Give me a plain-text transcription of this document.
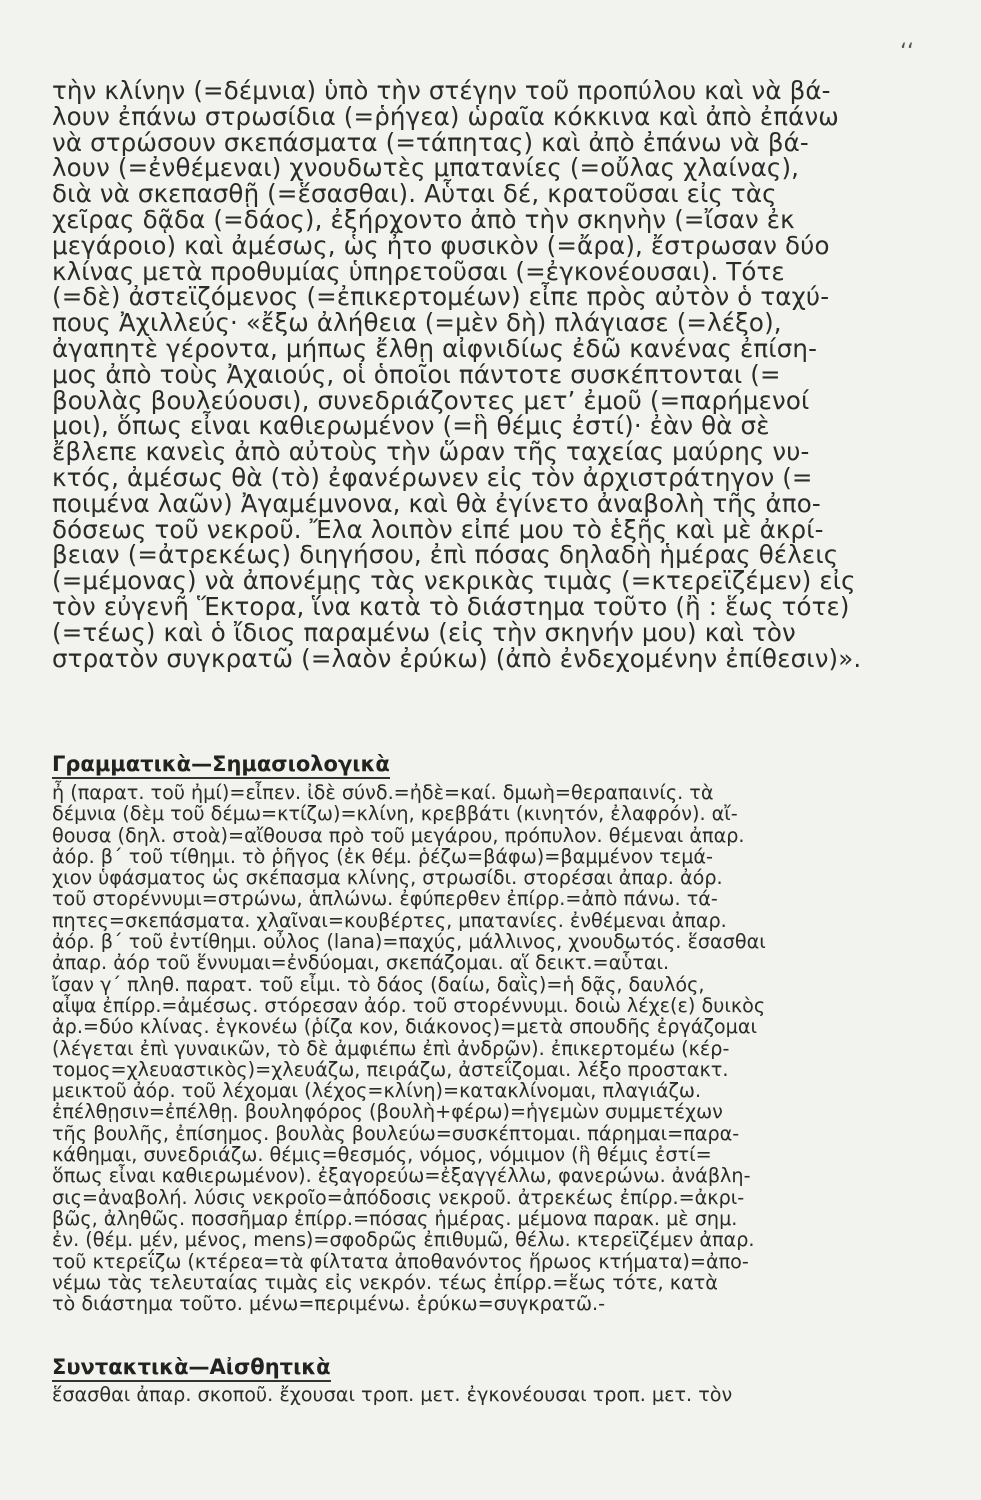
‘‘
τὴν κλίνην (=δέμνια) ὑπὸ τὴν στέγην τοῦ προπύλου καὶ νὰ βά-
λουν ἐπάνω στρωσίδια (=ῥήγεα) ὡραῖα κόκκινα καὶ ἀπὸ ἐπάνω
νὰ στρώσουν σκεπάσματα (=τάπητας) καὶ ἀπὸ ἐπάνω νὰ βά-
λουν (=ἐνθέμεναι) χνουδωτὲς μπατανίες (=οὔλας χλαίνας),
διὰ νὰ σκεπασθῇ (=ἕσασθαι). Αὗται δέ, κρατοῦσαι εἰς τὰς
χεῖρας δᾷδα (=δάος), ἐξήρχοντο ἀπὸ τὴν σκηνὴν (=ἴσαν ἐκ
μεγάροιο) καὶ ἀμέσως, ὡς ἦτο φυσικὸν (=ἄρα), ἔστρωσαν δύο
κλίνας μετὰ προθυμίας ὑπηρετοῦσαι (=ἐγκονέουσαι). Τότε
(=δὲ) ἀστεϊζόμενος (=ἐπικερτομέων) εἶπε πρὸς αὐτὸν ὁ ταχύ-
πους Ἀχιλλεύς· «ἔξω ἀλήθεια (=μὲν δὴ) πλάγιασε (=λέξο),
ἀγαπητὲ γέροντα, μήπως ἔλθῃ αἰφνιδίως ἐδῶ κανένας ἐπίση-
μος ἀπὸ τοὺς Ἀχαιούς, οἱ ὁποῖοι πάντοτε συσκέπτονται (=
βουλὰς βουλεύουσι), συνεδριάζοντες μετ’ ἐμοῦ (=παρήμενοί
μοι), ὅπως εἶναι καθιερωμένον (=ἣ θέμις ἐστί)· ἐὰν θὰ σὲ
ἔβλεπε κανεὶς ἀπὸ αὐτοὺς τὴν ὥραν τῆς ταχείας μαύρης νυ-
κτός, ἀμέσως θὰ (τὸ) ἐφανέρωνεν εἰς τὸν ἀρχιστράτηγον (=
ποιμένα λαῶν) Ἀγαμέμνονα, καὶ θὰ ἐγίνετο ἀναβολὴ τῆς ἀπο-
δόσεως τοῦ νεκροῦ. Ἔλα λοιπὸν εἰπέ μου τὸ ἑξῆς καὶ μὲ ἀκρί-
βειαν (=ἀτρεκέως) διηγήσου, ἐπὶ πόσας δηλαδὴ ἡμέρας θέλεις
(=μέμονας) νὰ ἀπονέμῃς τὰς νεκρικὰς τιμὰς (=κτερεϊζέμεν) εἰς
τὸν εὐγενῆ Ἕκτορα, ἵνα κατὰ τὸ διάστημα τοῦτο (ἢ : ἕως τότε)
(=τέως) καὶ ὁ ἴδιος παραμένω (εἰς τὴν σκηνήν μου) καὶ τὸν
στρατὸν συγκρατῶ (=λαὸν ἐρύκω) (ἀπὸ ἐνδεχομένην ἐπίθεσιν)».
Γραμματικὰ—Σημασιολογικὰ
ἦ (παρατ. τοῦ ἠμί)=εἶπεν. ἰδὲ σύνδ.=ἠδὲ=καί. δμωὴ=θεραπαινίς. τὰ
δέμνια (δὲμ τοῦ δέμω=κτίζω)=κλίνη, κρεββάτι (κινητόν, ἐλαφρόν). αἴ-
θουσα (δηλ. στοὰ)=αἴθουσα πρὸ τοῦ μεγάρου, πρόπυλον. θέμεναι ἀπαρ.
ἀόρ. β΄ τοῦ τίθημι. τὸ ῥῆγος (ἐκ θέμ. ῥέζω=βάφω)=βαμμένον τεμά-
χιον ὑφάσματος ὡς σκέπασμα κλίνης, στρωσίδι. στορέσαι ἀπαρ. ἀόρ.
τοῦ στορέννυμι=στρώνω, ἁπλώνω. ἐφύπερθεν ἐπίρρ.=ἀπὸ πάνω. τά-
πητες=σκεπάσματα. χλαῖναι=κουβέρτες, μπατανίες. ἐνθέμεναι ἀπαρ.
ἀόρ. β΄ τοῦ ἐντίθημι. οὖλος (lana)=παχύς, μάλλινος, χνουδωτός. ἕσασθαι
ἀπαρ. ἀόρ τοῦ ἕννυμαι=ἐνδύομαι, σκεπάζομαι. αἵ δεικτ.=αὗται.
ἴσαν γ΄ πληθ. παρατ. τοῦ εἶμι. τὸ δάος (δαίω, δαῒς)=ἡ δᾷς, δαυλός,
αἶψα ἐπίρρ.=ἀμέσως. στόρεσαν ἀόρ. τοῦ στορέννυμι. δοιὼ λέχε(ε) δυικὸς
ἀρ.=δύο κλίνας. ἐγκονέω (ῥίζα κον, διάκονος)=μετὰ σπουδῆς ἐργάζομαι
(λέγεται ἐπὶ γυναικῶν, τὸ δὲ ἀμφιέπω ἐπὶ ἀνδρῶν). ἐπικερτομέω (κέρ-
τομος=χλευαστικὸς)=χλευάζω, πειράζω, ἀστεΐζομαι. λέξο προστακτ.
μεικτοῦ ἀόρ. τοῦ λέχομαι (λέχος=κλίνη)=κατακλίνομαι, πλαγιάζω.
ἐπέλθῃσιν=ἐπέλθῃ. βουληφόρος (βουλὴ+φέρω)=ἡγεμὼν συμμετέχων
τῆς βουλῆς, ἐπίσημος. βουλὰς βουλεύω=συσκέπτομαι. πάρημαι=παρα-
κάθημαι, συνεδριάζω. θέμις=θεσμός, νόμος, νόμιμον (ἣ θέμις ἐστί=
ὅπως εἶναι καθιερωμένον). ἐξαγορεύω=ἐξαγγέλλω, φανερώνω. ἀνάβλη-
σις=ἀναβολή. λύσις νεκροῖο=ἀπόδοσις νεκροῦ. ἀτρεκέως ἐπίρρ.=ἀκρι-
βῶς, ἀληθῶς. ποσσῆμαρ ἐπίρρ.=πόσας ἡμέρας. μέμονα παρακ. μὲ σημ.
ἐν. (θέμ. μέν, μένος, mens)=σφοδρῶς ἐπιθυμῶ, θέλω. κτερεϊζέμεν ἀπαρ.
τοῦ κτερεΐζω (κτέρεα=τὰ φίλτατα ἀποθανόντος ἥρωος κτήματα)=ἀπο-
νέμω τὰς τελευταίας τιμὰς εἰς νεκρόν. τέως ἐπίρρ.=ἕως τότε, κατὰ
τὸ διάστημα τοῦτο. μένω=περιμένω. ἐρύκω=συγκρατῶ.‑
Συντακτικὰ—Αἰσθητικὰ
ἕσασθαι ἀπαρ. σκοποῦ. ἔχουσαι τροπ. μετ. ἐγκονέουσαι τροπ. μετ. τὸν
